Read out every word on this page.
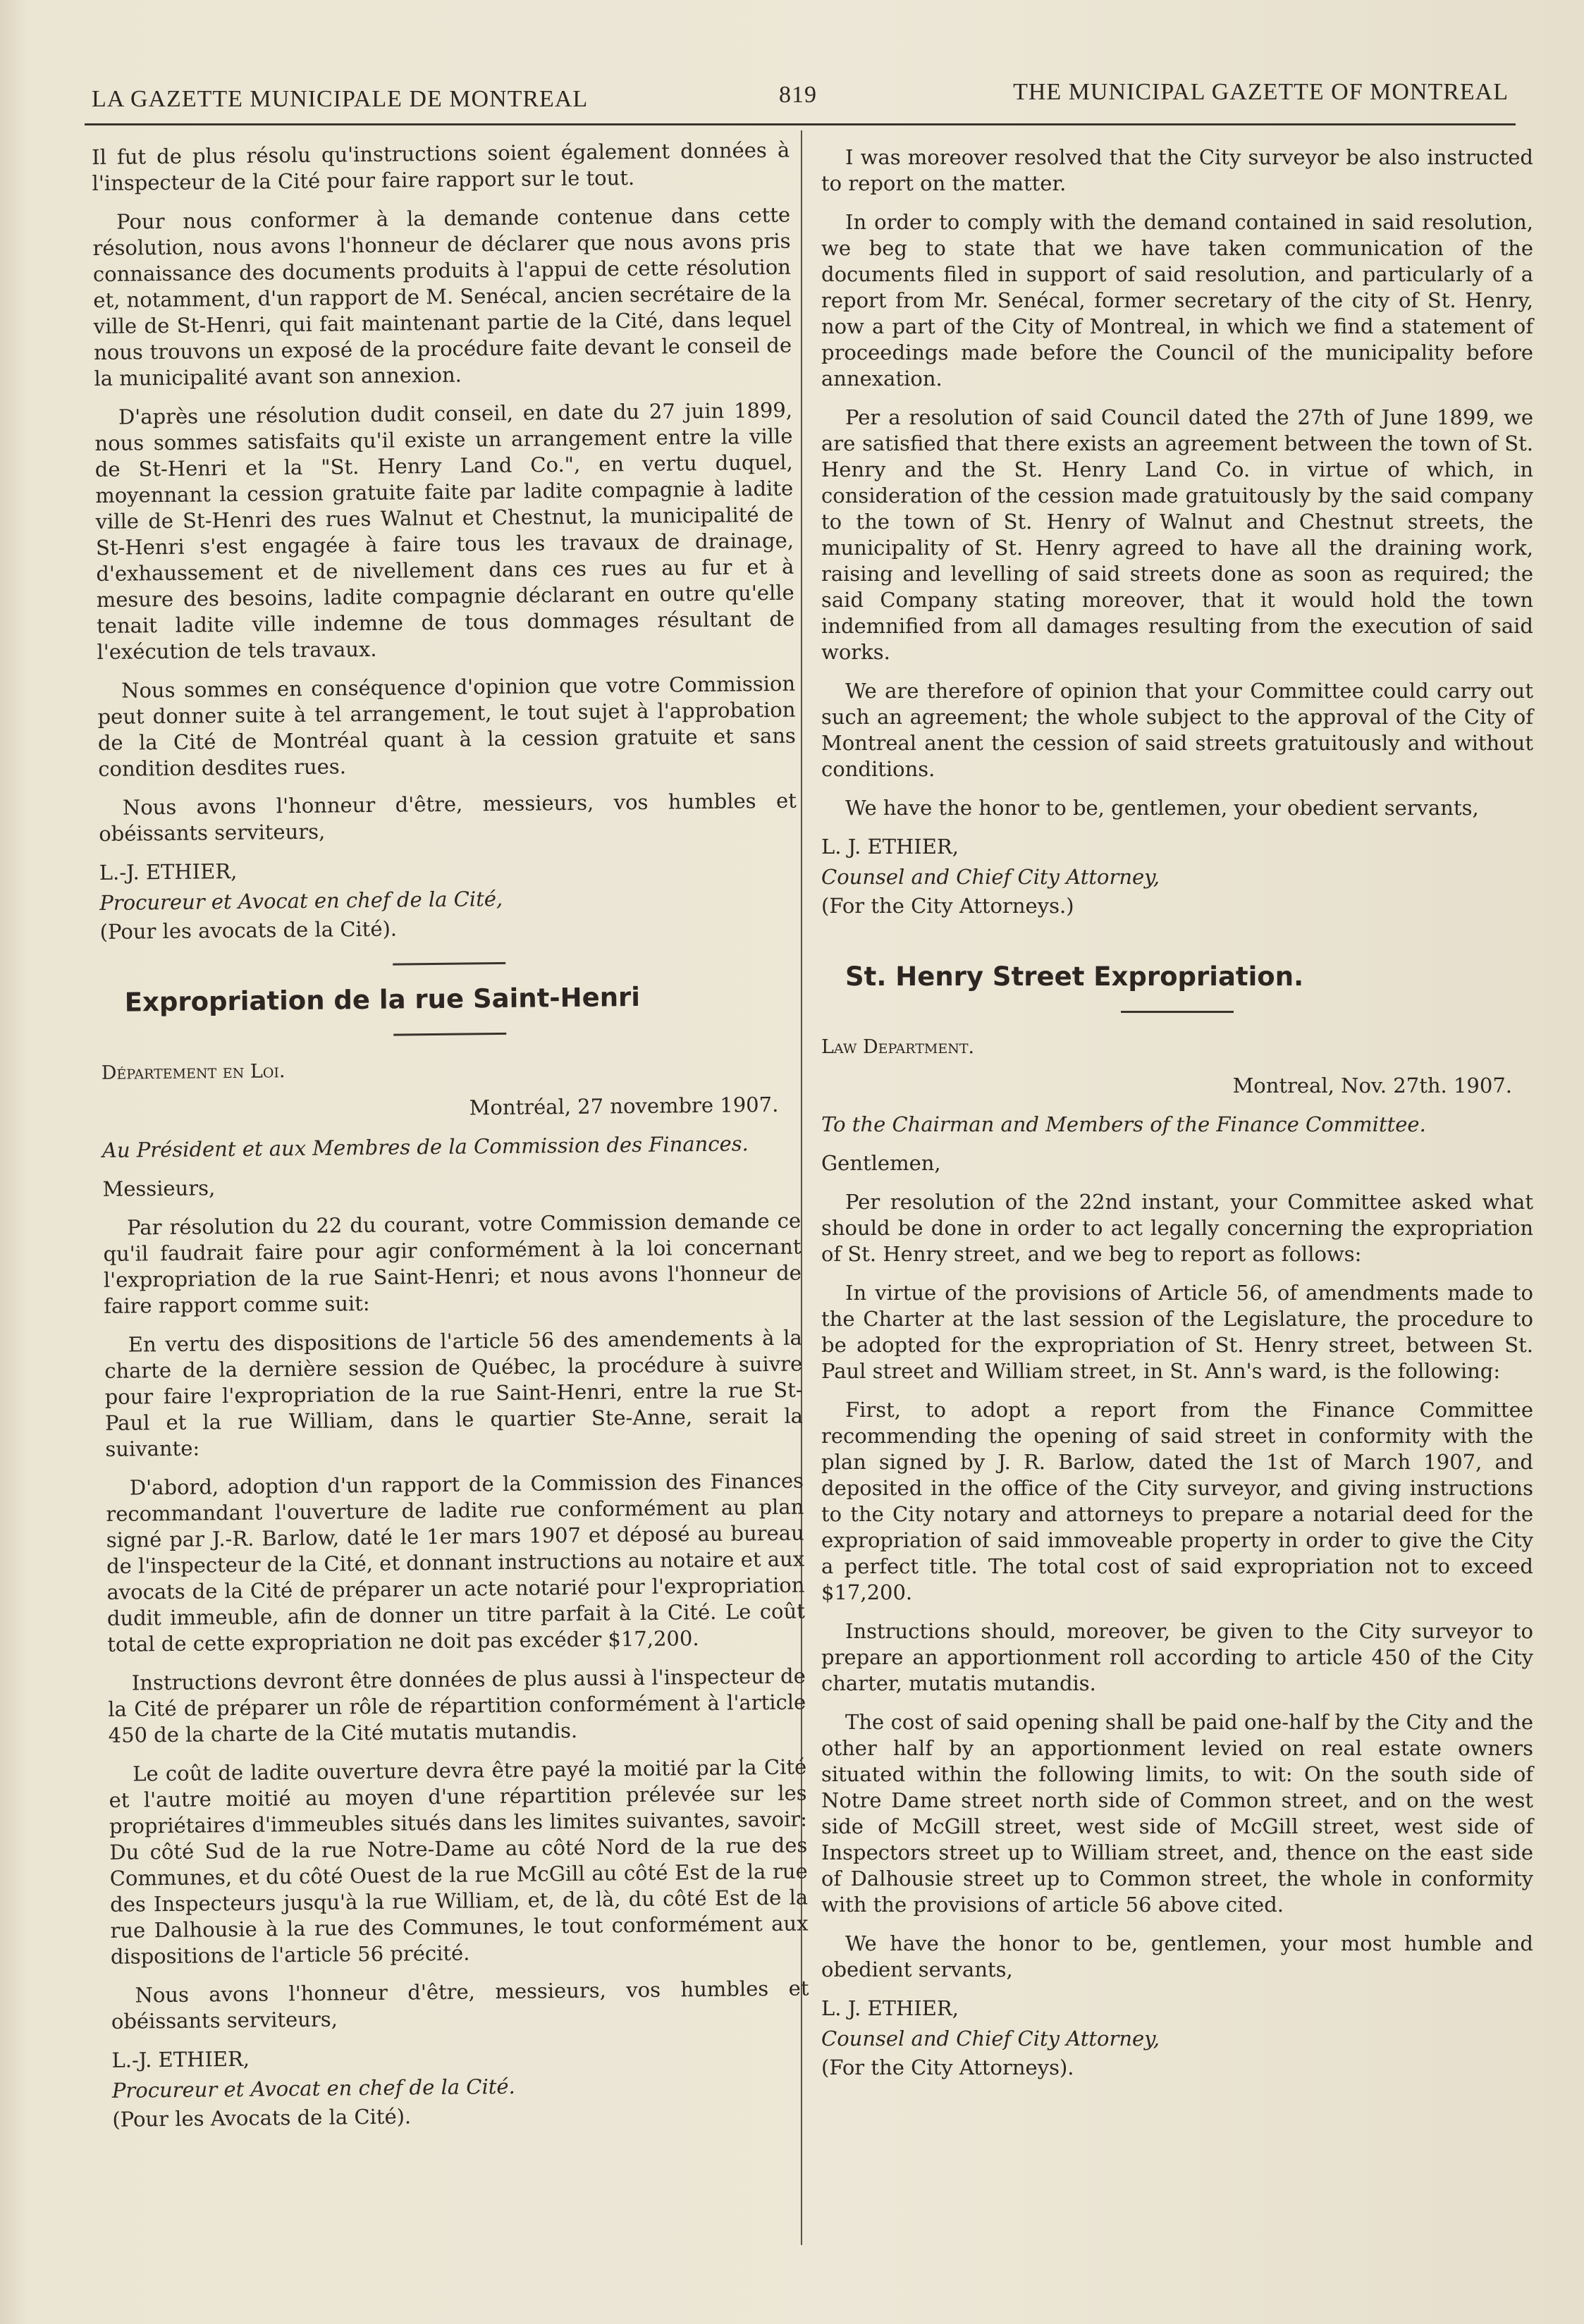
LA GAZETTE MUNICIPALE DE MONTREAL	819	THE MUNICIPAL GAZETTE OF MONTREAL

Il fut de plus résolu qu'instructions soient également données à l'inspecteur de la Cité pour faire rapport sur le tout.

Pour nous conformer à la demande contenue dans cette résolution, nous avons l'honneur de déclarer que nous avons pris connaissance des documents produits à l'appui de cette résolution et, notamment, d'un rapport de M. Senécal, ancien secrétaire de la ville de St-Henri, qui fait maintenant partie de la Cité, dans lequel nous trouvons un exposé de la procédure faite devant le conseil de la municipalité avant son annexion.

D'après une résolution dudit conseil, en date du 27 juin 1899, nous sommes satisfaits qu'il existe un arrangement entre la ville de St-Henri et la "St. Henry Land Co.", en vertu duquel, moyennant la cession gratuite faite par ladite compagnie à ladite ville de St-Henri des rues Walnut et Chestnut, la municipalité de St-Henri s'est engagée à faire tous les travaux de drainage, d'exhaussement et de nivellement dans ces rues au fur et à mesure des besoins, ladite compagnie déclarant en outre qu'elle tenait ladite ville indemne de tous dommages résultant de l'exécution de tels travaux.

Nous sommes en conséquence d'opinion que votre Commission peut donner suite à tel arrangement, le tout sujet à l'approbation de la Cité de Montréal quant à la cession gratuite et sans condition desdites rues.

Nous avons l'honneur d'être, messieurs, vos humbles et obéissants serviteurs,

L.-J. ETHIER,

Procureur et Avocat en chef de la Cité,

(Pour les avocats de la Cité).

Expropriation de la rue Saint-Henri

Département en Loi.

Montréal, 27 novembre 1907.

Au Président et aux Membres de la Commission des Finances.

Messieurs,

Par résolution du 22 du courant, votre Commission demande ce qu'il faudrait faire pour agir conformément à la loi concernant l'expropriation de la rue Saint-Henri; et nous avons l'honneur de faire rapport comme suit:

En vertu des dispositions de l'article 56 des amendements à la charte de la dernière session de Québec, la procédure à suivre pour faire l'expropriation de la rue Saint-Henri, entre la rue St-Paul et la rue William, dans le quartier Ste-Anne, serait la suivante:

D'abord, adoption d'un rapport de la Commission des Finances recommandant l'ouverture de ladite rue conformément au plan signé par J.-R. Barlow, daté le 1er mars 1907 et déposé au bureau de l'inspecteur de la Cité, et donnant instructions au notaire et aux avocats de la Cité de préparer un acte notarié pour l'expropriation dudit immeuble, afin de donner un titre parfait à la Cité. Le coût total de cette expropriation ne doit pas excéder $17,200.

Instructions devront être données de plus aussi à l'inspecteur de la Cité de préparer un rôle de répartition conformément à l'article 450 de la charte de la Cité mutatis mutandis.

Le coût de ladite ouverture devra être payé la moitié par la Cité et l'autre moitié au moyen d'une répartition prélevée sur les propriétaires d'immeubles situés dans les limites suivantes, savoir: Du côté Sud de la rue Notre-Dame au côté Nord de la rue des Communes, et du côté Ouest de la rue McGill au côté Est de la rue des Inspecteurs jusqu'à la rue William, et, de là, du côté Est de la rue Dalhousie à la rue des Communes, le tout conformément aux dispositions de l'article 56 précité.

Nous avons l'honneur d'être, messieurs, vos humbles et obéissants serviteurs,

L.-J. ETHIER,

Procureur et Avocat en chef de la Cité.

(Pour les Avocats de la Cité).

I was moreover resolved that the City surveyor be also instructed to report on the matter.

In order to comply with the demand contained in said resolution, we beg to state that we have taken communication of the documents filed in support of said resolution, and particularly of a report from Mr. Senécal, former secretary of the city of St. Henry, now a part of the City of Montreal, in which we find a statement of proceedings made before the Council of the municipality before annexation.

Per a resolution of said Council dated the 27th of June 1899, we are satisfied that there exists an agreement between the town of St. Henry and the St. Henry Land Co. in virtue of which, in consideration of the cession made gratuitously by the said company to the town of St. Henry of Walnut and Chestnut streets, the municipality of St. Henry agreed to have all the draining work, raising and levelling of said streets done as soon as required; the said Company stating moreover, that it would hold the town indemnified from all damages resulting from the execution of said works.

We are therefore of opinion that your Committee could carry out such an agreement; the whole subject to the approval of the City of Montreal anent the cession of said streets gratuitously and without conditions.

We have the honor to be, gentlemen, your obedient servants,

L. J. ETHIER,

Counsel and Chief City Attorney,

(For the City Attorneys.)

St. Henry Street Expropriation.

Law Department.

Montreal, Nov. 27th. 1907.

To the Chairman and Members of the Finance Committee.

Gentlemen,

Per resolution of the 22nd instant, your Committee asked what should be done in order to act legally concerning the expropriation of St. Henry street, and we beg to report as follows:

In virtue of the provisions of Article 56, of amendments made to the Charter at the last session of the Legislature, the procedure to be adopted for the expropriation of St. Henry street, between St. Paul street and William street, in St. Ann's ward, is the following:

First, to adopt a report from the Finance Committee recommending the opening of said street in conformity with the plan signed by J. R. Barlow, dated the 1st of March 1907, and deposited in the office of the City surveyor, and giving instructions to the City notary and attorneys to prepare a notarial deed for the expropriation of said immoveable property in order to give the City a perfect title. The total cost of said expropriation not to exceed $17,200.

Instructions should, moreover, be given to the City surveyor to prepare an apportionment roll according to article 450 of the City charter, mutatis mutandis.

The cost of said opening shall be paid one-half by the City and the other half by an apportionment levied on real estate owners situated within the following limits, to wit: On the south side of Notre Dame street north side of Common street, and on the west side of McGill street, west side of McGill street, west side of Inspectors street up to William street, and, thence on the east side of Dalhousie street up to Common street, the whole in conformity with the provisions of article 56 above cited.

We have the honor to be, gentlemen, your most humble and obedient servants,

L. J. ETHIER,

Counsel and Chief City Attorney,

(For the City Attorneys).
